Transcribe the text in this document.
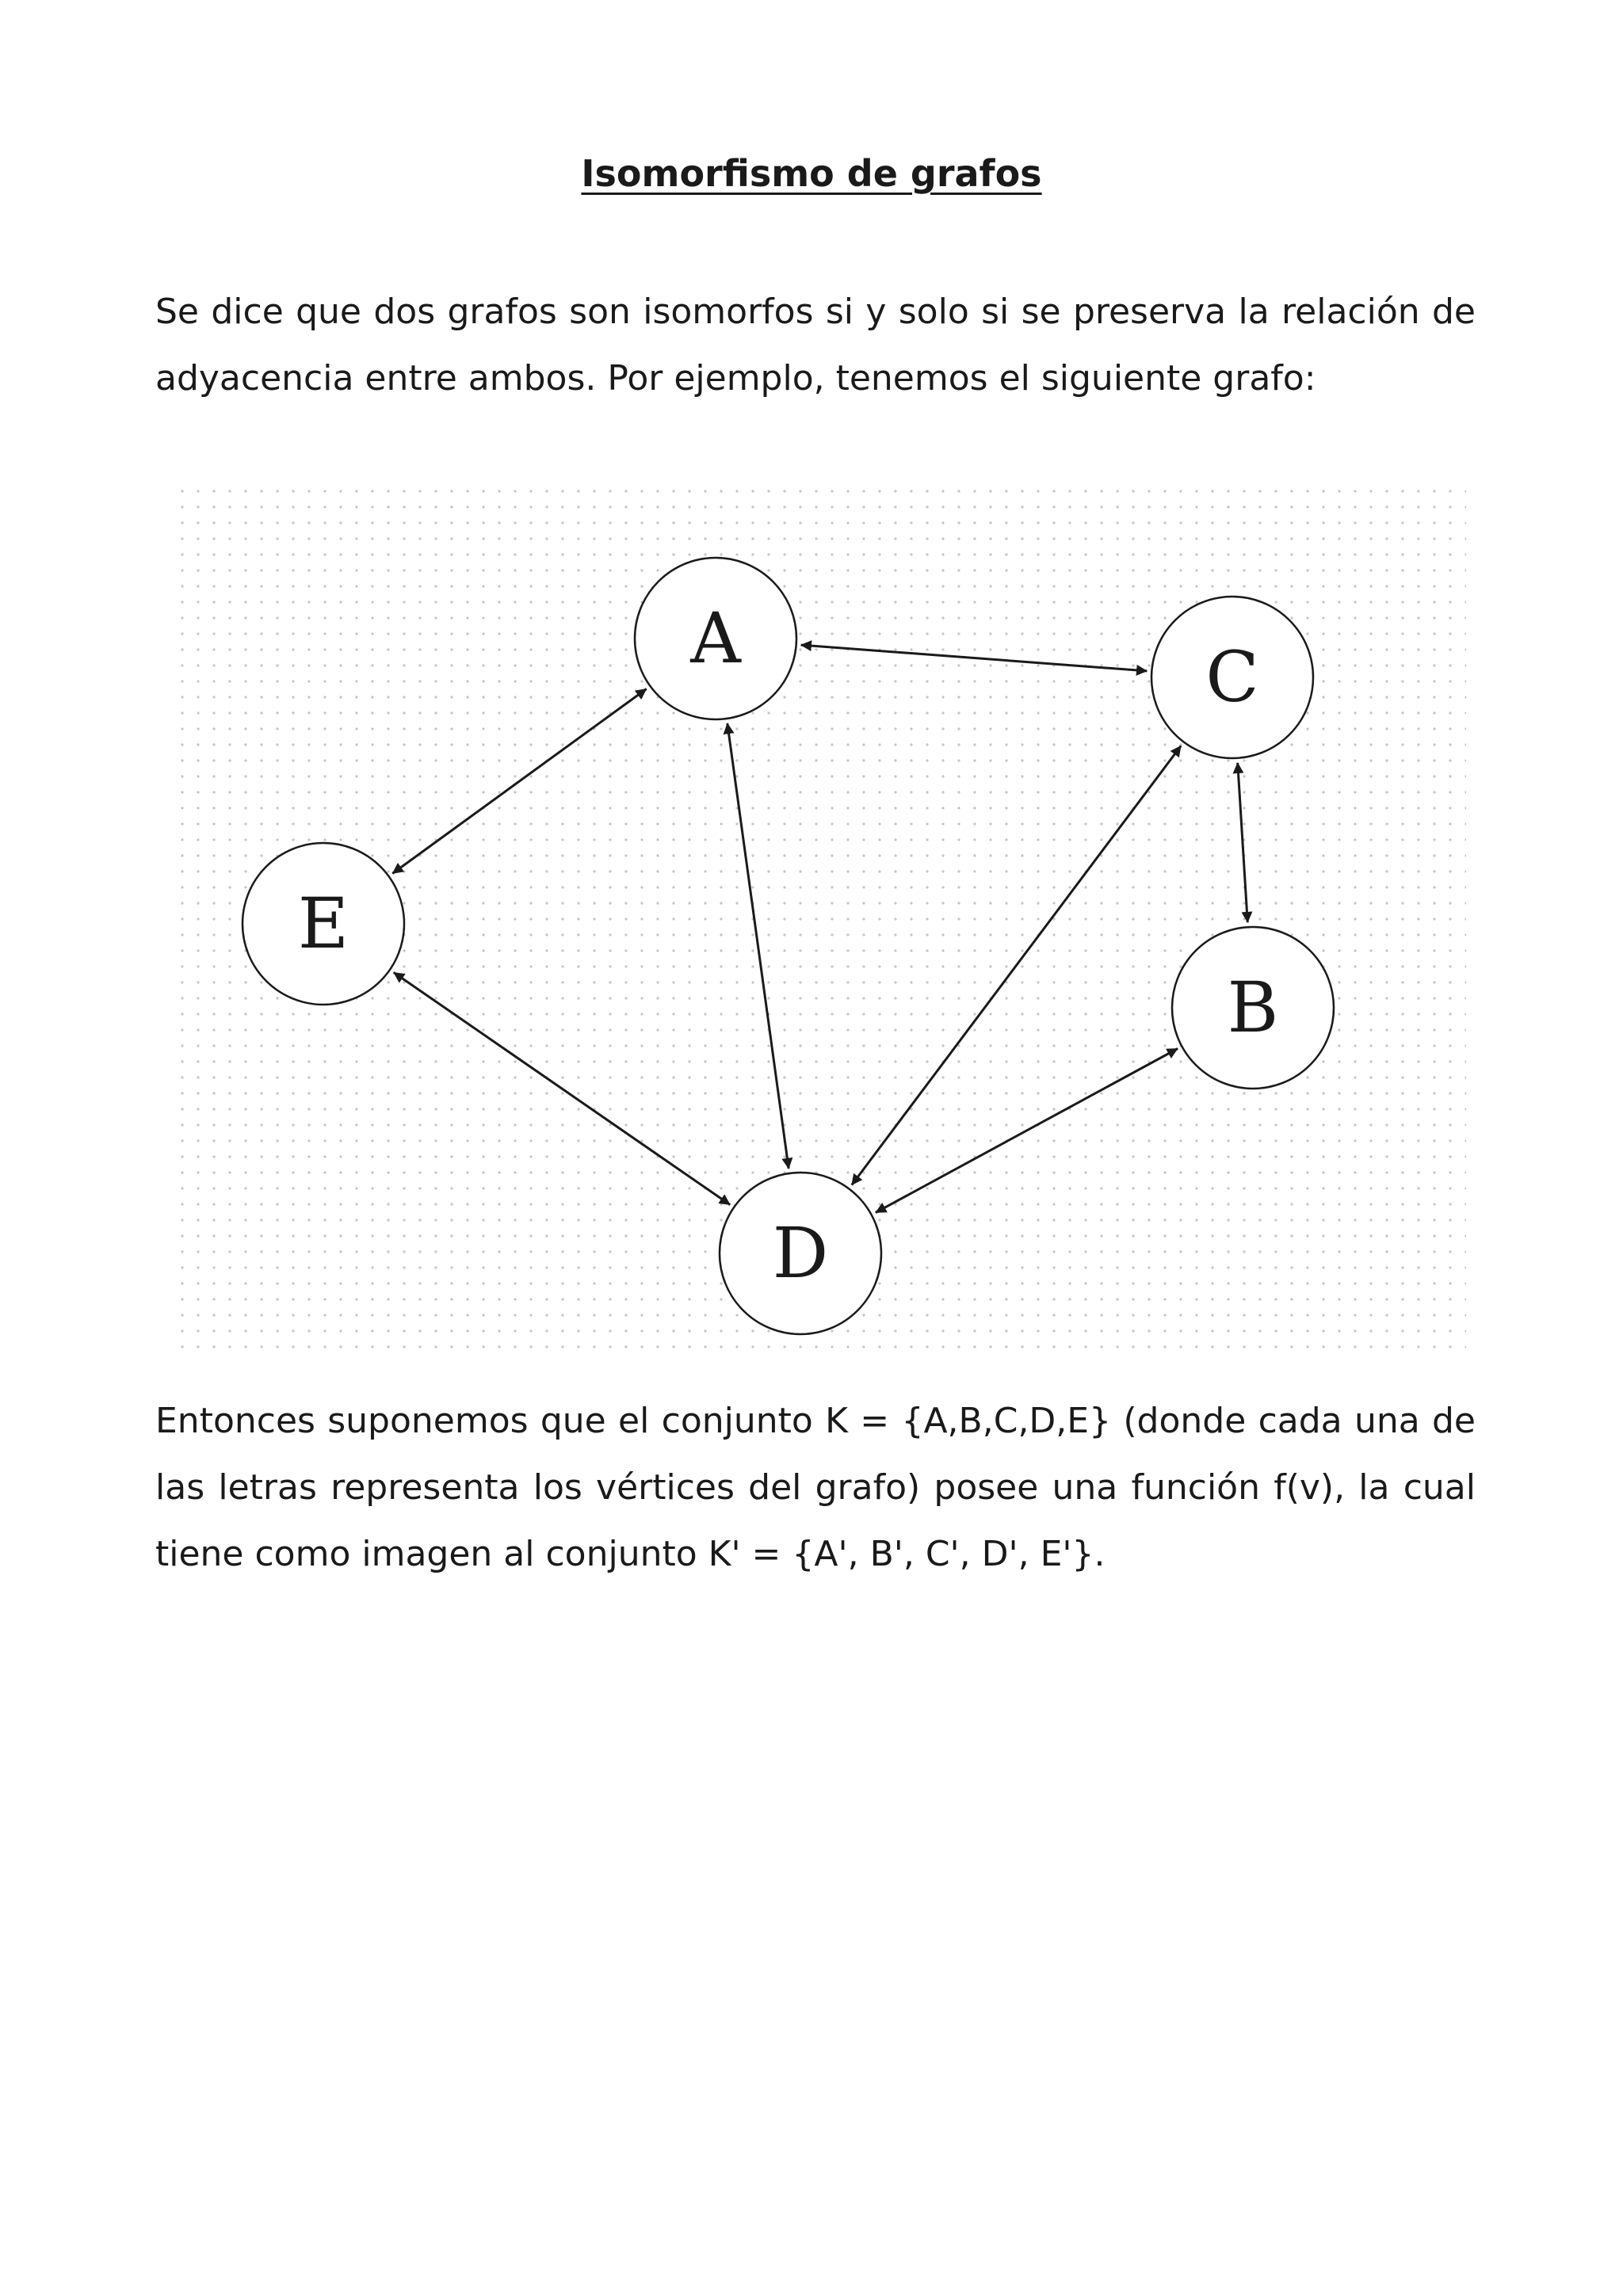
Isomorfismo de grafos

Se dice que dos grafos son isomorfos si y solo si se preserva la relación de adyacencia entre ambos. Por ejemplo, tenemos el siguiente grafo:

A	C
E
B
D

Entonces suponemos que el conjunto K = {A,B,C,D,E} (donde cada una de las letras representa los vértices del grafo) posee una función f(v), la cual tiene como imagen al conjunto K' = {A', B', C', D', E'}.
